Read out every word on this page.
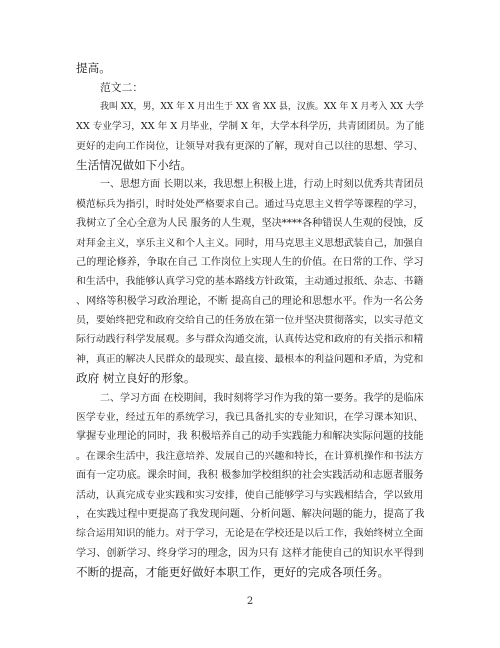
提高。
范文二：
我叫 XX，男，XX 年 X 月出生于 XX 省 XX 县，汉族。XX 年 X 月考入 XX 大学
XX 专业学习，XX 年 X 月毕业，学制 X 年，大学本科学历，共青团团员。为了能
更好的走向工作岗位，让领导对我有更深的了解，现对自己以往的思想、学习、
生活情况做如下小结。
一、思想方面 长期以来，我思想上积极上进，行动上时刻以优秀共青团员
模范标兵为指引，时时处处严格要求自己。通过马克思主义哲学等课程的学习，
我树立了全心全意为人民 服务的人生观，坚决****各种错误人生观的侵蚀，反
对拜金主义，享乐主义和个人主义。同时，用马克思主义思想武装自己，加强自
己的理论修养，争取在自己 工作岗位上实现人生的价值。在日常的工作、学习
和生活中，我能够认真学习党的基本路线方针政策，主动通过报纸、杂志、书籍
、网络等积极学习政治理论，不断 提高自己的理论和思想水平。作为一名公务
员，要始终把党和政府交给自己的任务放在第一位并坚决贯彻落实，以实寻范文
际行动践行科学发展观。多与群众沟通交流，认真传达党和政府的有关指示和精
神，真正的解决人民群众的最现实、最直接、最根本的利益问题和矛盾，为党和
政府 树立良好的形象。
二、学习方面 在校期间，我时刻将学习作为我的第一要务。我学的是临床
医学专业，经过五年的系统学习，我已具备扎实的专业知识，在学习课本知识、
掌握专业理论的同时，我 积极培养自己的动手实践能力和解决实际问题的技能
。在课余生活中，我注意培养、发展自己的兴趣和特长，在计算机操作和书法方
面有一定功底。课余时间，我积 极参加学校组织的社会实践活动和志愿者服务
活动，认真完成专业实践和实习安排，使自己能够学习与实践相结合，学以致用
，在实践过程中更提高了我发现问题、分析问题、解决问题的能力，提高了我
综合运用知识的能力。对于学习，无论是在学校还是以后工作，我始终树立全面
学习、创新学习、终身学习的理念，因为只有 这样才能使自己的知识水平得到
不断的提高，才能更好做好本职工作，更好的完成各项任务。
2
